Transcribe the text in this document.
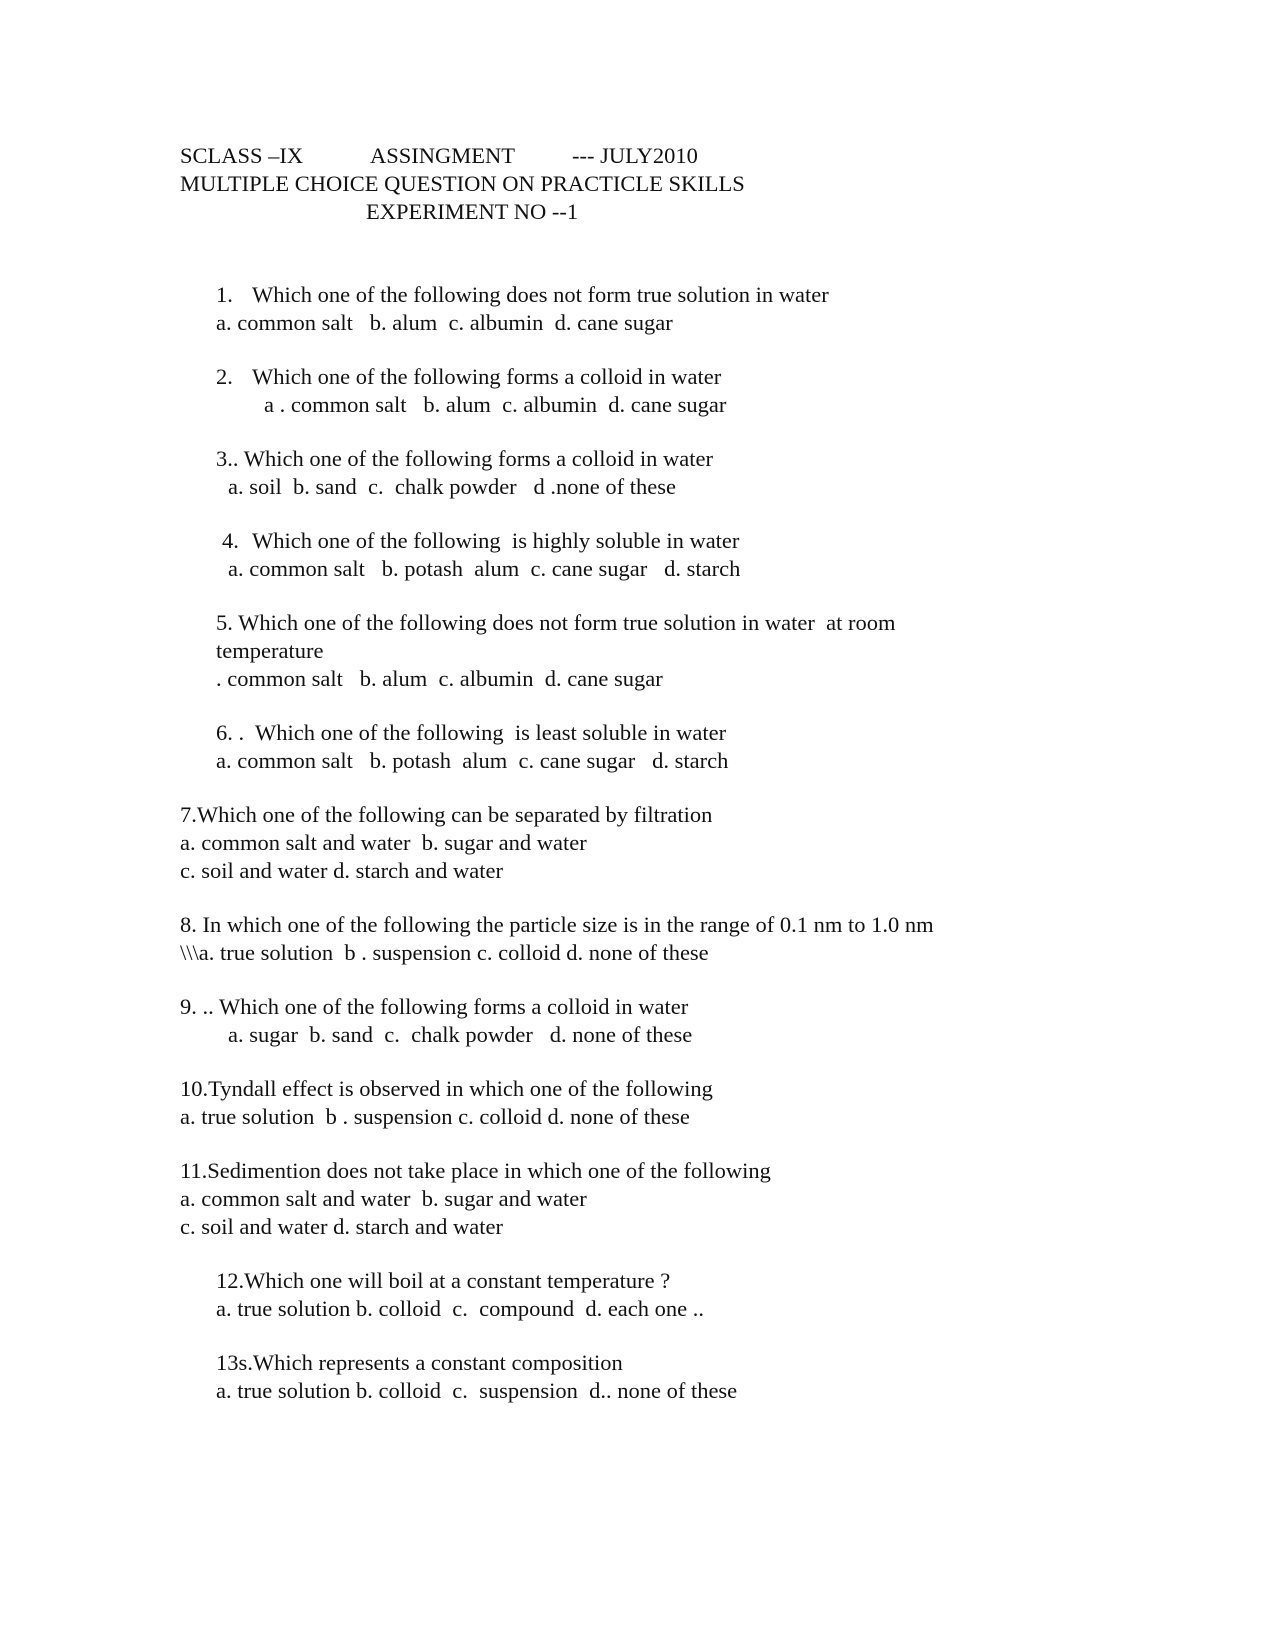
SCLASS –IX	ASSINGMENT	--- JULY2010
MULTIPLE CHOICE QUESTION ON PRACTICLE SKILLS
EXPERIMENT NO --1
1. Which one of the following does not form true solution in water
a. common salt   b. alum  c. albumin  d. cane sugar
2. Which one of the following forms a colloid in water
a . common salt   b. alum  c. albumin  d. cane sugar
3.. Which one of the following forms a colloid in water
a. soil  b. sand  c.  chalk powder   d .none of these
4. Which one of the following  is highly soluble in water
a. common salt   b. potash  alum  c. cane sugar   d. starch
5. Which one of the following does not form true solution in water  at room
temperature
. common salt   b. alum  c. albumin  d. cane sugar
6. .  Which one of the following  is least soluble in water
a. common salt   b. potash  alum  c. cane sugar   d. starch
7.Which one of the following can be separated by filtration
a. common salt and water  b. sugar and water
c. soil and water d. starch and water
8. In which one of the following the particle size is in the range of 0.1 nm to 1.0 nm
\\\a. true solution  b . suspension c. colloid d. none of these
9. .. Which one of the following forms a colloid in water
a. sugar  b. sand  c.  chalk powder   d. none of these
10.Tyndall effect is observed in which one of the following
a. true solution  b . suspension c. colloid d. none of these
11.Sedimention does not take place in which one of the following
a. common salt and water  b. sugar and water
c. soil and water d. starch and water
12.Which one will boil at a constant temperature ?
a. true solution b. colloid  c.  compound  d. each one ..
13s.Which represents a constant composition
a. true solution b. colloid  c.  suspension  d.. none of these
